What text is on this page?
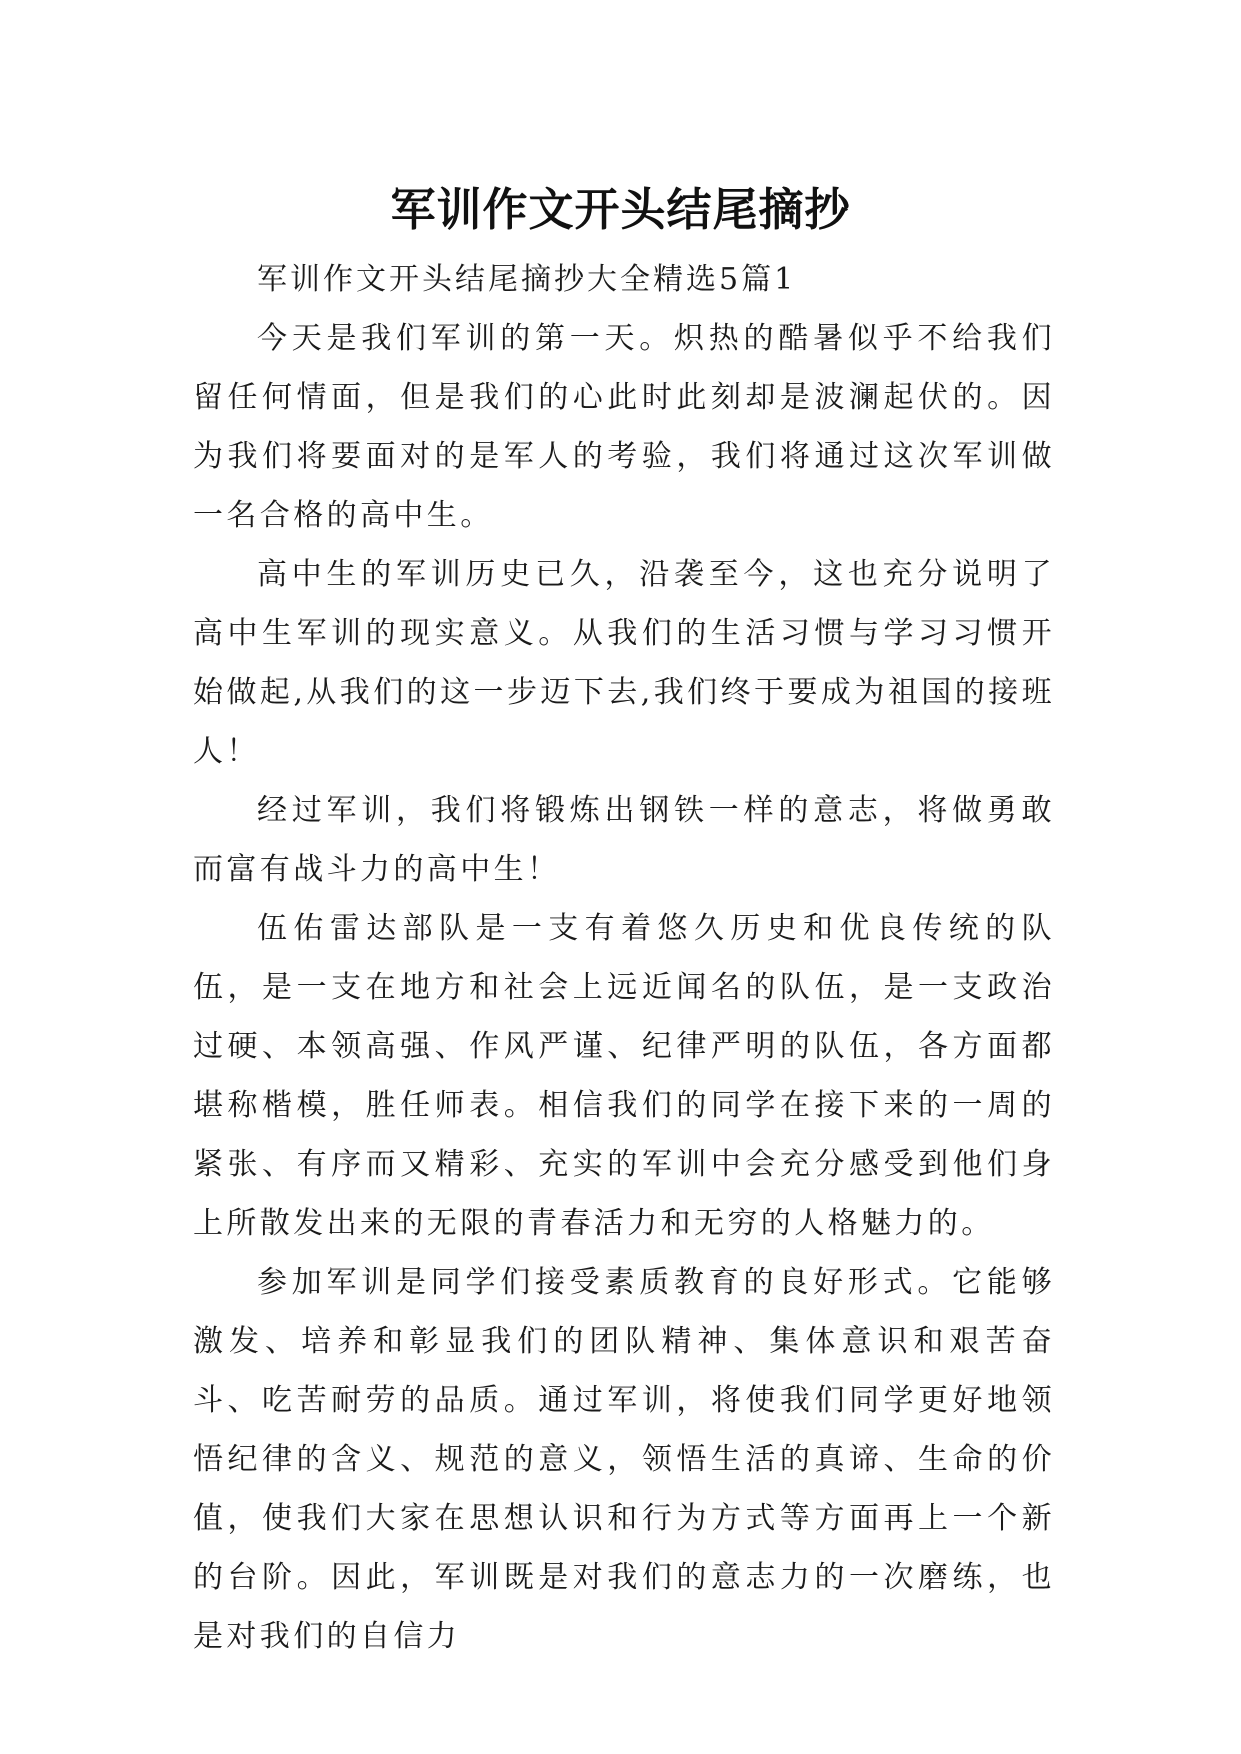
军训作文开头结尾摘抄

军训作文开头结尾摘抄大全精选5篇1

今天是我们军训的第一天。炽热的酷暑似乎不给我们留任何情面，但是我们的心此时此刻却是波澜起伏的。因为我们将要面对的是军人的考验，我们将通过这次军训做一名合格的高中生。

高中生的军训历史已久，沿袭至今，这也充分说明了高中生军训的现实意义。从我们的生活习惯与学习习惯开始做起,从我们的这一步迈下去,我们终于要成为祖国的接班人！

经过军训，我们将锻炼出钢铁一样的意志，将做勇敢而富有战斗力的高中生！

伍佑雷达部队是一支有着悠久历史和优良传统的队伍，是一支在地方和社会上远近闻名的队伍，是一支政治过硬、本领高强、作风严谨、纪律严明的队伍，各方面都堪称楷模，胜任师表。相信我们的同学在接下来的一周的紧张、有序而又精彩、充实的军训中会充分感受到他们身上所散发出来的无限的青春活力和无穷的人格魅力的。

参加军训是同学们接受素质教育的良好形式。它能够激发、培养和彰显我们的团队精神、集体意识和艰苦奋斗、吃苦耐劳的品质。通过军训，将使我们同学更好地领悟纪律的含义、规范的意义，领悟生活的真谛、生命的价值，使我们大家在思想认识和行为方式等方面再上一个新的台阶。因此，军训既是对我们的意志力的一次磨练，也是对我们的自信力
